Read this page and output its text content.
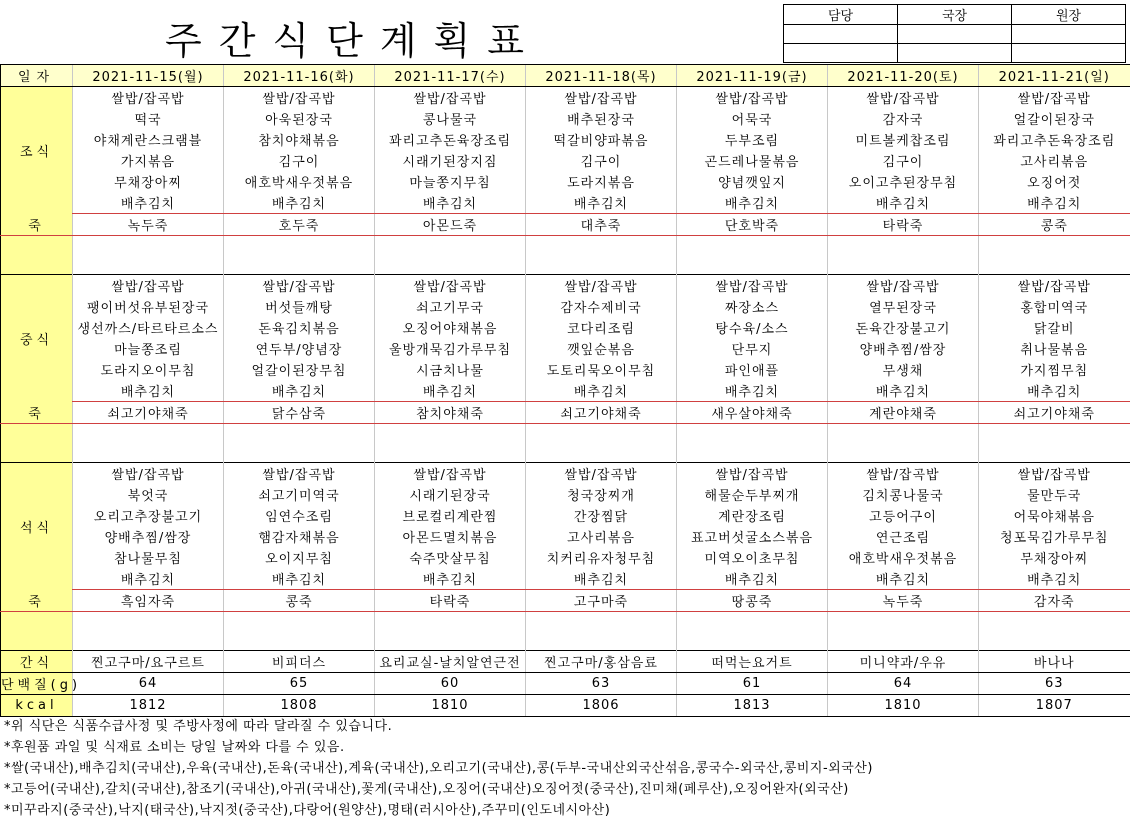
주간식단계획표
담당	국장	원장

일자	2021-11-15(월)	2021-11-16(화)	2021-11-17(수)	2021-11-18(목)	2021-11-19(금)	2021-11-20(토)	2021-11-21(일)
조식	쌀밥/잡곡밥	쌀밥/잡곡밥	쌀밥/잡곡밥	쌀밥/잡곡밥	쌀밥/잡곡밥	쌀밥/잡곡밥	쌀밥/잡곡밥
	떡국	아욱된장국	콩나물국	배추된장국	어묵국	감자국	얼갈이된장국
	야채계란스크램블	참치야채볶음	꽈리고추돈육장조림	떡갈비양파볶음	두부조림	미트볼케찹조림	꽈리고추돈육장조림
	가지볶음	김구이	시래기된장지짐	김구이	곤드레나물볶음	김구이	고사리볶음
	무채장아찌	애호박새우젓볶음	마늘쫑지무침	도라지볶음	양념깻잎지	오이고추된장무침	오징어젓
	배추김치	배추김치	배추김치	배추김치	배추김치	배추김치	배추김치
죽	녹두죽	호두죽	아몬드죽	대추죽	단호박죽	타락죽	콩죽

중식	쌀밥/잡곡밥	쌀밥/잡곡밥	쌀밥/잡곡밥	쌀밥/잡곡밥	쌀밥/잡곡밥	쌀밥/잡곡밥	쌀밥/잡곡밥
	팽이버섯유부된장국	버섯들깨탕	쇠고기무국	감자수제비국	짜장소스	열무된장국	홍합미역국
	생선까스/타르타르소스	돈육김치볶음	오징어야채볶음	코다리조림	탕수육/소스	돈육간장불고기	닭갈비
	마늘쫑조림	연두부/양념장	울방개묵김가루무침	깻잎순볶음	단무지	양배추찜/쌈장	취나물볶음
	도라지오이무침	얼갈이된장무침	시금치나물	도토리묵오이무침	파인애플	무생채	가지찜무침
	배추김치	배추김치	배추김치	배추김치	배추김치	배추김치	배추김치
죽	쇠고기야채죽	닭수삼죽	참치야채죽	쇠고기야채죽	새우살야채죽	계란야채죽	쇠고기야채죽

석식	쌀밥/잡곡밥	쌀밥/잡곡밥	쌀밥/잡곡밥	쌀밥/잡곡밥	쌀밥/잡곡밥	쌀밥/잡곡밥	쌀밥/잡곡밥
	북엇국	쇠고기미역국	시래기된장국	청국장찌개	해물순두부찌개	김치콩나물국	물만두국
	오리고추장불고기	임연수조림	브로컬리계란찜	간장찜닭	계란장조림	고등어구이	어묵야채볶음
	양배추찜/쌈장	햄감자채볶음	아몬드멸치볶음	고사리볶음	표고버섯굴소스볶음	연근조림	청포묵김가루무침
	참나물무침	오이지무침	숙주맛살무침	치커리유자청무침	미역오이초무침	애호박새우젓볶음	무채장아찌
	배추김치	배추김치	배추김치	배추김치	배추김치	배추김치	배추김치
죽	흑임자죽	콩죽	타락죽	고구마죽	땅콩죽	녹두죽	감자죽

간식	찐고구마/요구르트	비피더스	요리교실-날치알연근전	찐고구마/홍삼음료	떠먹는요거트	미니약과/우유	바나나
단백질(g)	64	65	60	63	61	64	63
kcal	1812	1808	1810	1806	1813	1810	1807
*위 식단은 식품수급사정 및 주방사정에 따라 달라질 수 있습니다.
*후원품 과일 및 식재료 소비는 당일 날짜와 다를 수 있음.
*쌀(국내산),배추김치(국내산),우육(국내산),돈육(국내산),계육(국내산),오리고기(국내산),콩(두부-국내산외국산섞음,콩국수-외국산,콩비지-외국산)
*고등어(국내산),갈치(국내산),참조기(국내산),아귀(국내산),꽃게(국내산),오징어(국내산)오징어젓(중국산),진미채(페루산),오징어완자(외국산)
*미꾸라지(중국산),낙지(태국산),낙지젓(중국산),다랑어(원양산),명태(러시아산),주꾸미(인도네시아산)
